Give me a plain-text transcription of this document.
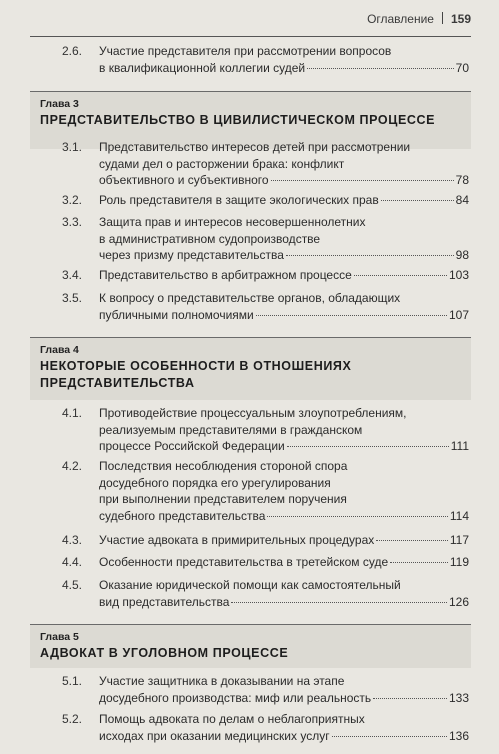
Оглавление 159
2.6. Участие представителя при рассмотрении вопросов
в квалификационной коллегии судей	70
Глава 3
ПРЕДСТАВИТЕЛЬСТВО В ЦИВИЛИСТИЧЕСКОМ ПРОЦЕССЕ
3.1. Представительство интересов детей при рассмотрении
судами дел о расторжении брака: конфликт
объективного и субъективного	78
3.2. Роль представителя в защите экологических прав	84
3.3. Защита прав и интересов несовершеннолетних
в административном судопроизводстве
через призму представительства	98
3.4. Представительство в арбитражном процессе	103
3.5. К вопросу о представительстве органов, обладающих
публичными полномочиями	107
Глава 4
НЕКОТОРЫЕ ОСОБЕННОСТИ В ОТНОШЕНИЯХ
ПРЕДСТАВИТЕЛЬСТВА
4.1. Противодействие процессуальным злоупотреблениям,
реализуемым представителями в гражданском
процессе Российской Федерации	111
4.2. Последствия несоблюдения стороной спора
досудебного порядка его урегулирования
при выполнении представителем поручения
судебного представительства	114
4.3. Участие адвоката в примирительных процедурах	117
4.4. Особенности представительства в третейском суде	119
4.5. Оказание юридической помощи как самостоятельный
вид представительства	126
Глава 5
АДВОКАТ В УГОЛОВНОМ ПРОЦЕССЕ
5.1. Участие защитника в доказывании на этапе
досудебного производства: миф или реальность	133
5.2. Помощь адвоката по делам о неблагоприятных
исходах при оказании медицинских услуг	136
